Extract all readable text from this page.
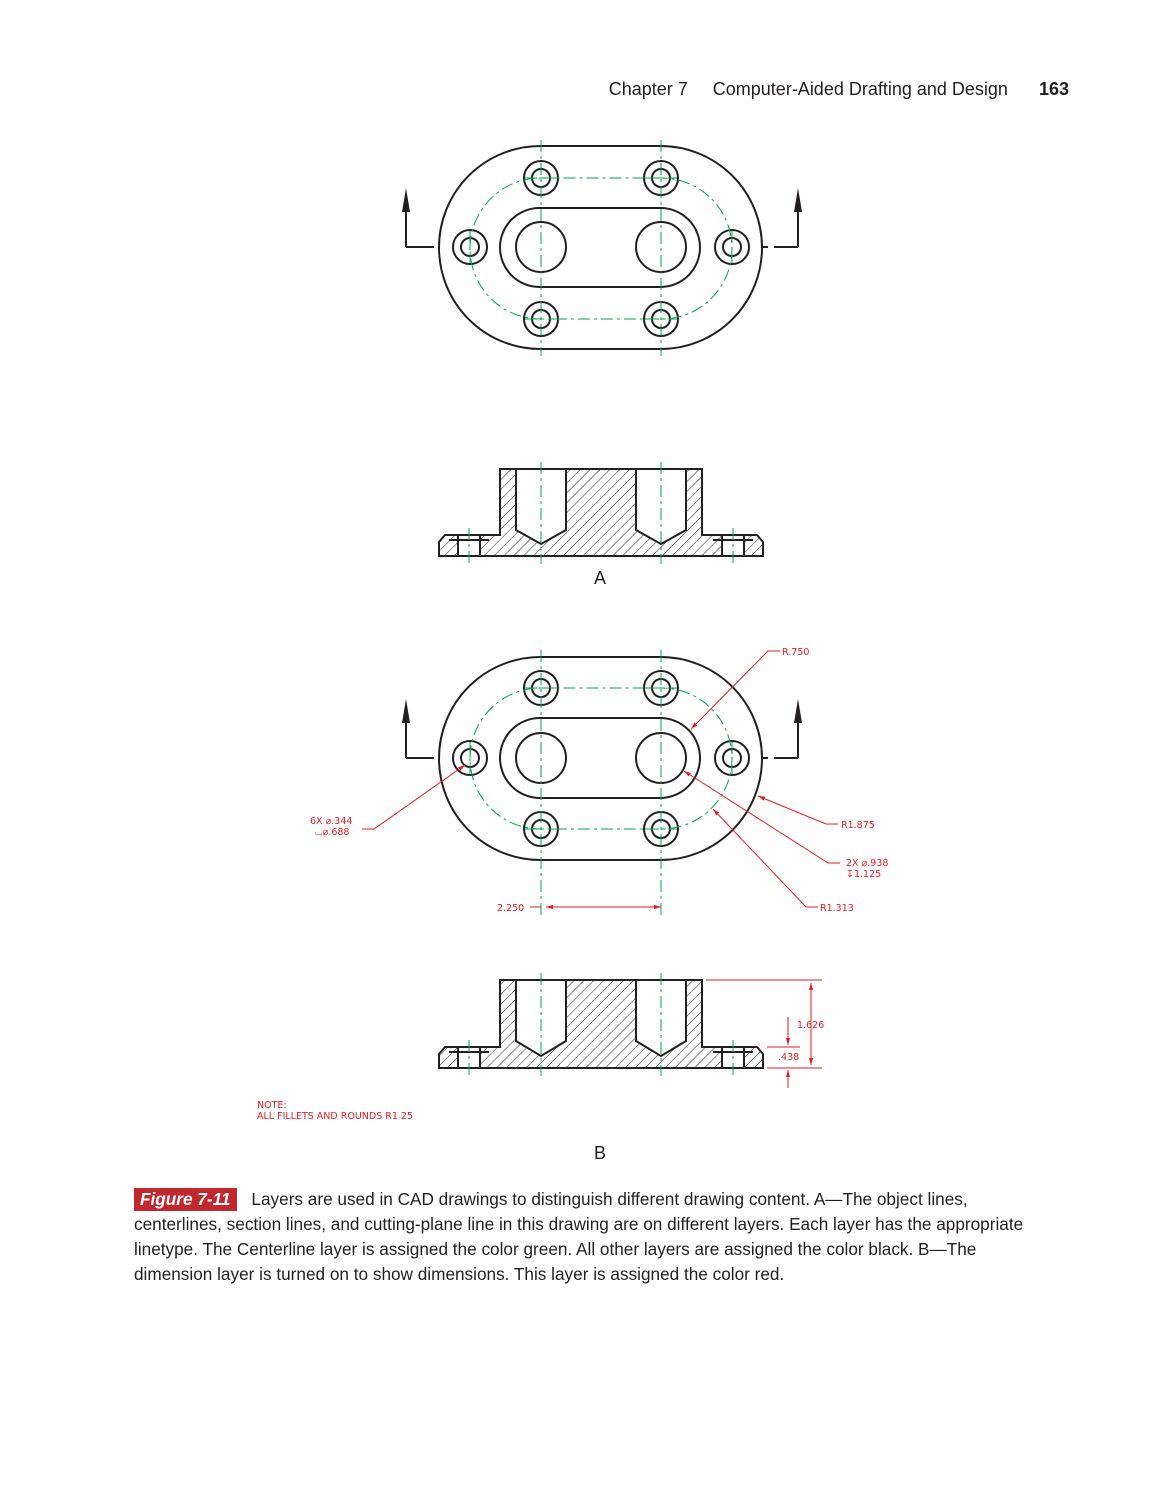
Chapter 7 Computer-Aided Drafting and Design 163
R.750
6X ⌀.344
⌴⌀.688
R1.875
2X ⌀.938
↧1.125
R1.313
2.250
1.626
.438
NOTE:
ALL FILLETS AND ROUNDS R1 25
A
B
Figure 7-11 Layers are used in CAD drawings to distinguish different drawing content. A—The object lines, centerlines, section lines, and cutting-plane line in this drawing are on different layers. Each layer has the appropriate linetype. The Centerline layer is assigned the color green. All other layers are assigned the color black. B—The dimension layer is turned on to show dimensions. This layer is assigned the color red.
